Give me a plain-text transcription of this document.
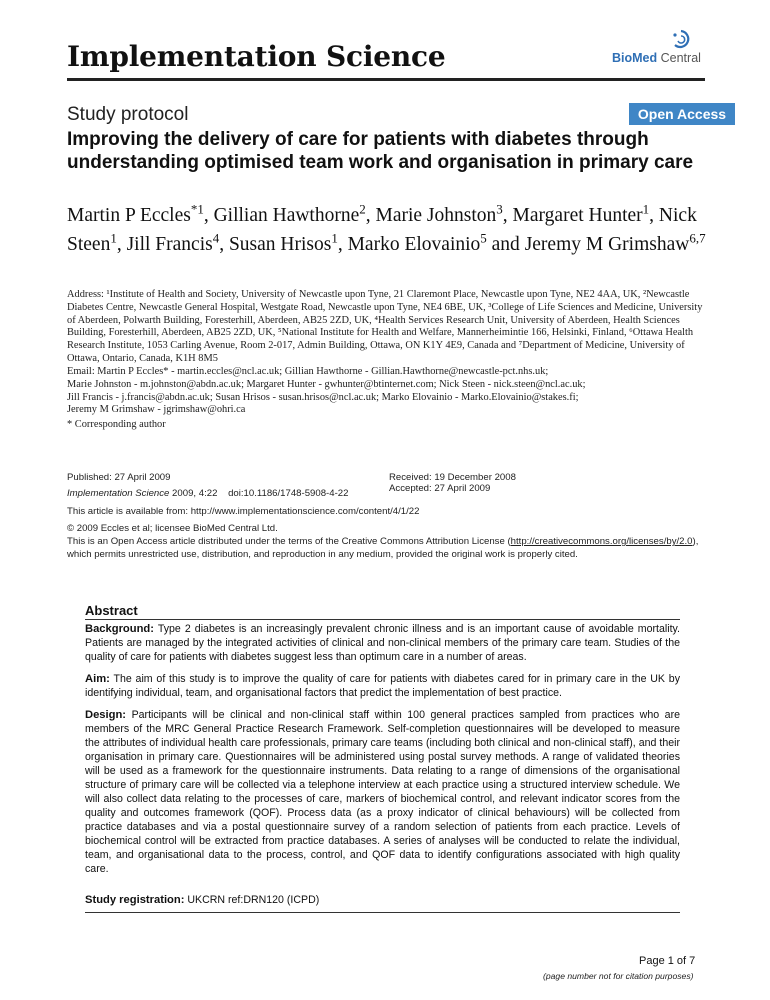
Implementation Science	BioMed Central
Study protocol	Open Access
Improving the delivery of care for patients with diabetes through understanding optimised team work and organisation in primary care
Martin P Eccles$^{*1}$, Gillian Hawthorne$^2$, Marie Johnston$^3$, Margaret Hunter$^1$, Nick Steen$^1$, Jill Francis$^4$, Susan Hrisos$^1$, Marko Elovainio$^5$ and Jeremy M Grimshaw$^{6,7}$
Address: ¹Institute of Health and Society, University of Newcastle upon Tyne, 21 Claremont Place, Newcastle upon Tyne, NE2 4AA, UK, ²Newcastle Diabetes Centre, Newcastle General Hospital, Westgate Road, Newcastle upon Tyne, NE4 6BE, UK, ³College of Life Sciences and Medicine, University of Aberdeen, Polwarth Building, Foresterhill, Aberdeen, AB25 2ZD, UK, ⁴Health Services Research Unit, University of Aberdeen, Health Sciences Building, Foresterhill, Aberdeen, AB25 2ZD, UK, ⁵National Institute for Health and Welfare, Mannerheimintie 166, Helsinki, Finland, ⁶Ottawa Health Research Institute, 1053 Carling Avenue, Room 2-017, Admin Building, Ottawa, ON K1Y 4E9, Canada and ⁷Department of Medicine, University of Ottawa, Ontario, Canada, K1H 8M5
Email: Martin P Eccles* - martin.eccles@ncl.ac.uk; Gillian Hawthorne - Gillian.Hawthorne@newcastle-pct.nhs.uk;
Marie Johnston - m.johnston@abdn.ac.uk; Margaret Hunter - gwhunter@btinternet.com; Nick Steen - nick.steen@ncl.ac.uk;
Jill Francis - j.francis@abdn.ac.uk; Susan Hrisos - susan.hrisos@ncl.ac.uk; Marko Elovainio - Marko.Elovainio@stakes.fi;
Jeremy M Grimshaw - jgrimshaw@ohri.ca
* Corresponding author
Published: 27 April 2009
Implementation Science 2009, 4:22    doi:10.1186/1748-5908-4-22
Received: 19 December 2008
Accepted: 27 April 2009
This article is available from: http://www.implementationscience.com/content/4/1/22
© 2009 Eccles et al; licensee BioMed Central Ltd.
This is an Open Access article distributed under the terms of the Creative Commons Attribution License (http://creativecommons.org/licenses/by/2.0),
which permits unrestricted use, distribution, and reproduction in any medium, provided the original work is properly cited.
Abstract
Background: Type 2 diabetes is an increasingly prevalent chronic illness and is an important cause of avoidable mortality. Patients are managed by the integrated activities of clinical and non-clinical members of the primary care team. Studies of the quality of care for patients with diabetes suggest less than optimum care in a number of areas.
Aim: The aim of this study is to improve the quality of care for patients with diabetes cared for in primary care in the UK by identifying individual, team, and organisational factors that predict the implementation of best practice.
Design: Participants will be clinical and non-clinical staff within 100 general practices sampled from practices who are members of the MRC General Practice Research Framework. Self-completion questionnaires will be developed to measure the attributes of individual health care professionals, primary care teams (including both clinical and non-clinical staff), and their organisation in primary care. Questionnaires will be administered using postal survey methods. A range of validated theories will be used as a framework for the questionnaire instruments. Data relating to a range of dimensions of the organisational structure of primary care will be collected via a telephone interview at each practice using a structured interview schedule. We will also collect data relating to the processes of care, markers of biochemical control, and relevant indicator scores from the quality and outcomes framework (QOF). Process data (as a proxy indicator of clinical behaviours) will be collected from practice databases and via a postal questionnaire survey of a random selection of patients from each practice. Levels of biochemical control will be extracted from practice databases. A series of analyses will be conducted to relate the individual, team, and organisational data to the process, control, and QOF data to identify configurations associated with high quality care.
Study registration: UKCRN ref:DRN120 (ICPD)
Page 1 of 7
(page number not for citation purposes)
